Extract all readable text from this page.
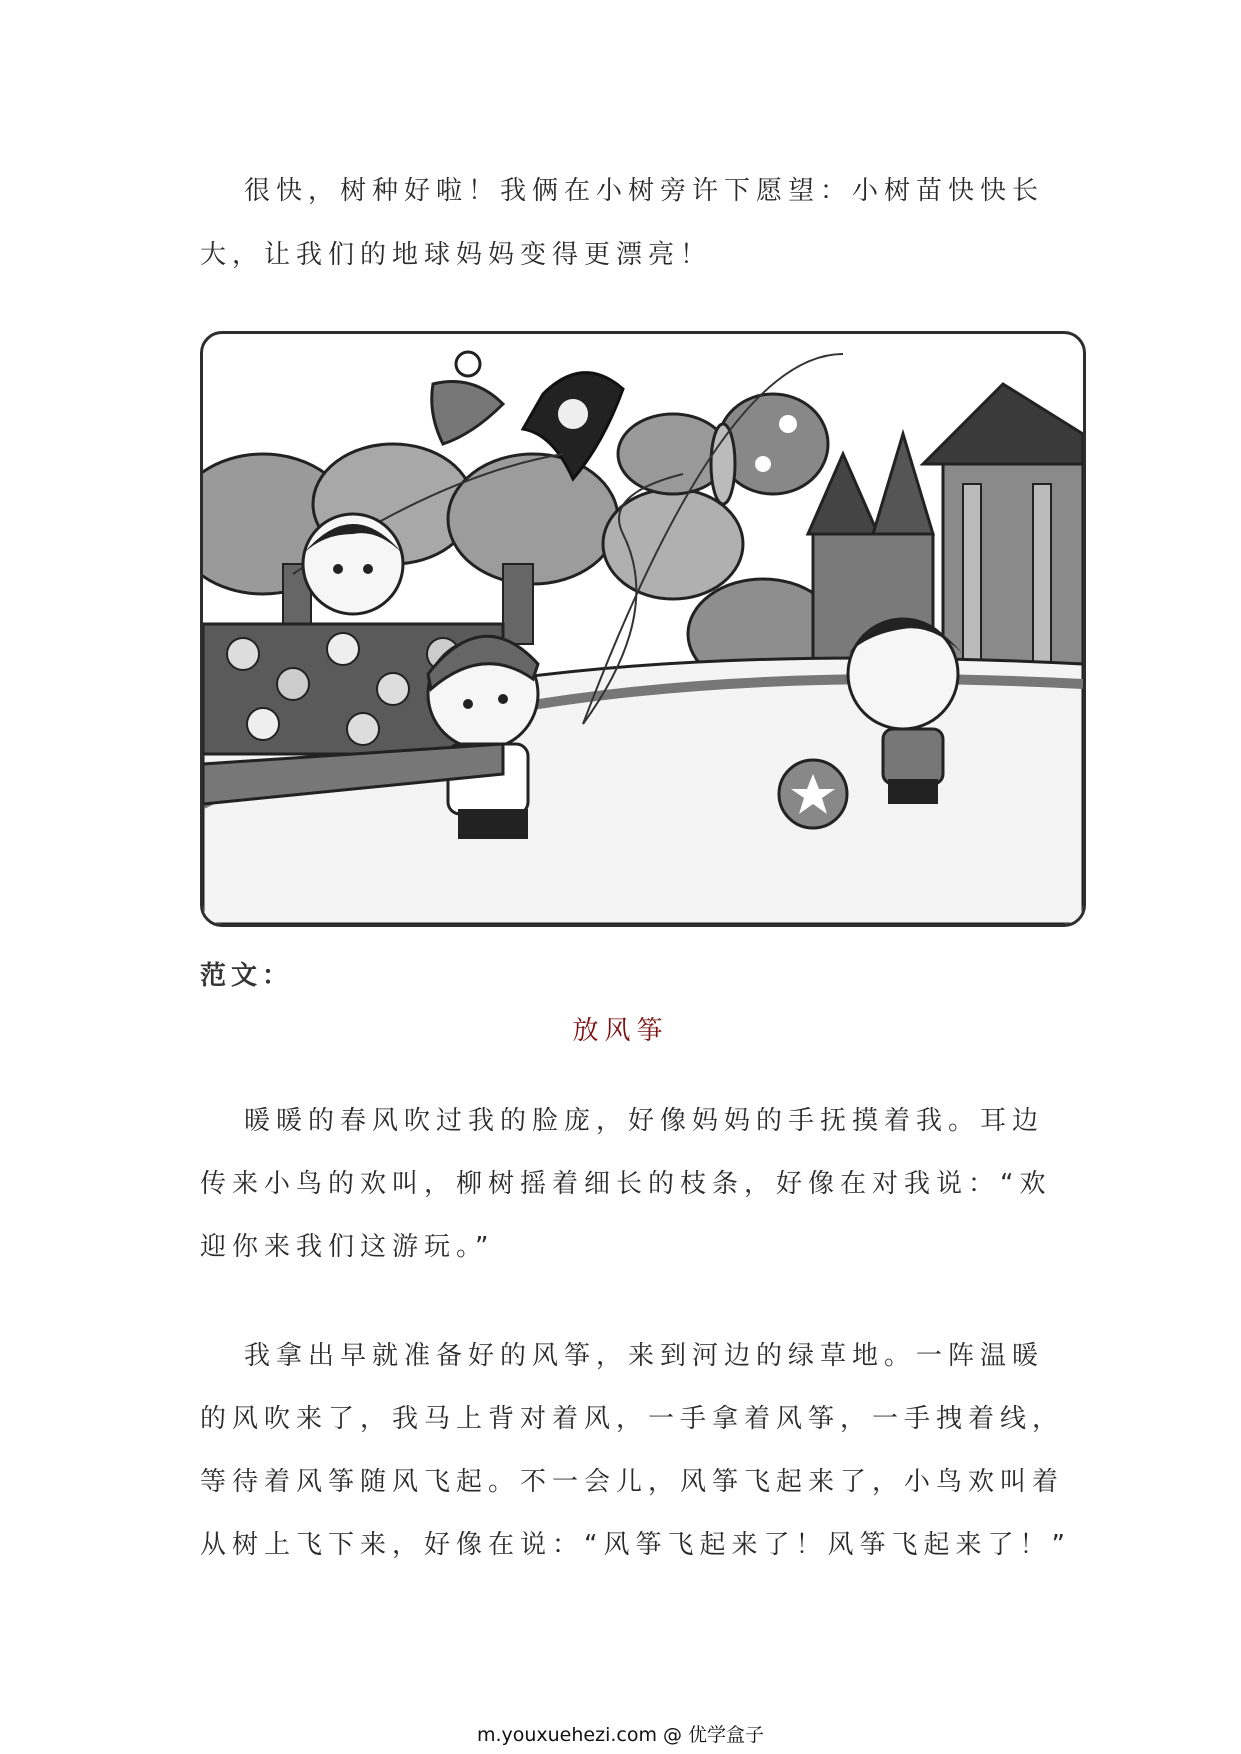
很快，树种好啦！我俩在小树旁许下愿望：小树苗快快长
大，让我们的地球妈妈变得更漂亮！
范文：
放风筝
暖暖的春风吹过我的脸庞，好像妈妈的手抚摸着我。耳边
传来小鸟的欢叫，柳树摇着细长的枝条，好像在对我说：“欢
迎你来我们这游玩。”
我拿出早就准备好的风筝，来到河边的绿草地。一阵温暖
的风吹来了，我马上背对着风，一手拿着风筝，一手拽着线，
等待着风筝随风飞起。不一会儿，风筝飞起来了，小鸟欢叫着
从树上飞下来，好像在说：“风筝飞起来了！风筝飞起来了！”
m.youxuehezi.com @ 优学盒子
